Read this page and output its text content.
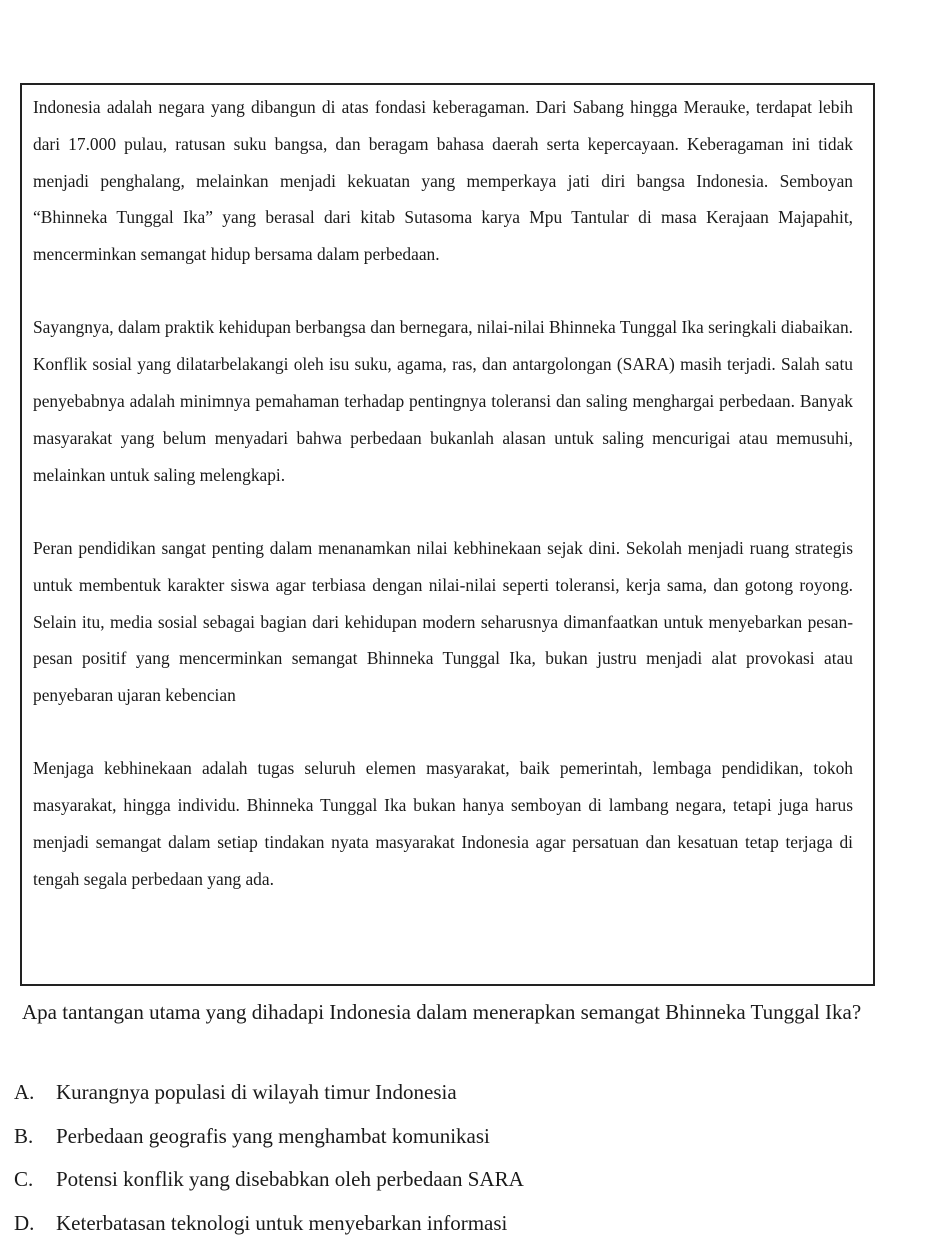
Indonesia adalah negara yang dibangun di atas fondasi keberagaman. Dari Sabang hingga Merauke, terdapat lebih dari 17.000 pulau, ratusan suku bangsa, dan beragam bahasa daerah serta kepercayaan. Keberagaman ini tidak menjadi penghalang, melainkan menjadi kekuatan yang memperkaya jati diri bangsa Indonesia. Semboyan “Bhinneka Tunggal Ika” yang berasal dari kitab Sutasoma karya Mpu Tantular di masa Kerajaan Majapahit, mencerminkan semangat hidup bersama dalam perbedaan.

Sayangnya, dalam praktik kehidupan berbangsa dan bernegara, nilai-nilai Bhinneka Tunggal Ika seringkali diabaikan. Konflik sosial yang dilatarbelakangi oleh isu suku, agama, ras, dan antargolongan (SARA) masih terjadi. Salah satu penyebabnya adalah minimnya pemahaman terhadap pentingnya toleransi dan saling menghargai perbedaan. Banyak masyarakat yang belum menyadari bahwa perbedaan bukanlah alasan untuk saling mencurigai atau memusuhi, melainkan untuk saling melengkapi.

Peran pendidikan sangat penting dalam menanamkan nilai kebhinekaan sejak dini. Sekolah menjadi ruang strategis untuk membentuk karakter siswa agar terbiasa dengan nilai-nilai seperti toleransi, kerja sama, dan gotong royong. Selain itu, media sosial sebagai bagian dari kehidupan modern seharusnya dimanfaatkan untuk menyebarkan pesan-pesan positif yang mencerminkan semangat Bhinneka Tunggal Ika, bukan justru menjadi alat provokasi atau penyebaran ujaran kebencian

Menjaga kebhinekaan adalah tugas seluruh elemen masyarakat, baik pemerintah, lembaga pendidikan, tokoh masyarakat, hingga individu. Bhinneka Tunggal Ika bukan hanya semboyan di lambang negara, tetapi juga harus menjadi semangat dalam setiap tindakan nyata masyarakat Indonesia agar persatuan dan kesatuan tetap terjaga di tengah segala perbedaan yang ada.

Apa tantangan utama yang dihadapi Indonesia dalam menerapkan semangat Bhinneka Tunggal Ika?

A. Kurangnya populasi di wilayah timur Indonesia
B. Perbedaan geografis yang menghambat komunikasi
C. Potensi konflik yang disebabkan oleh perbedaan SARA
D. Keterbatasan teknologi untuk menyebarkan informasi
